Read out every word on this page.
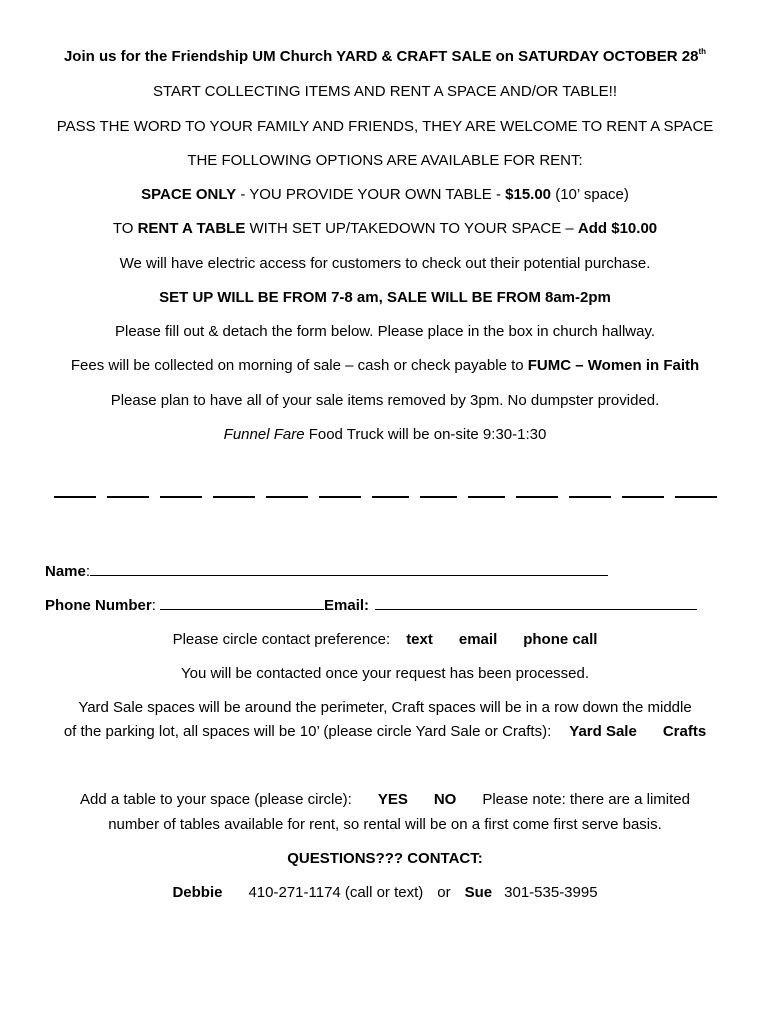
Join us for the Friendship UM Church YARD & CRAFT SALE on SATURDAY OCTOBER 28th
START COLLECTING ITEMS AND RENT A SPACE AND/OR TABLE!!
PASS THE WORD TO YOUR FAMILY AND FRIENDS, THEY ARE WELCOME TO RENT A SPACE
THE FOLLOWING OPTIONS ARE AVAILABLE FOR RENT:
SPACE ONLY - YOU PROVIDE YOUR OWN TABLE - $15.00 (10’ space)
TO RENT A TABLE WITH SET UP/TAKEDOWN TO YOUR SPACE – Add $10.00
We will have electric access for customers to check out their potential purchase.
SET UP WILL BE FROM 7-8 am, SALE WILL BE FROM 8am-2pm
Please fill out & detach the form below. Please place in the box in church hallway.
Fees will be collected on morning of sale – cash or check payable to FUMC – Women in Faith
Please plan to have all of your sale items removed by 3pm. No dumpster provided.
Funnel Fare Food Truck will be on-site 9:30-1:30
Name:
Phone Number:	Email:
Please circle contact preference: text email phone call
You will be contacted once your request has been processed.
Yard Sale spaces will be around the perimeter, Craft spaces will be in a row down the middle
of the parking lot, all spaces will be 10’ (please circle Yard Sale or Crafts): Yard Sale Crafts
Add a table to your space (please circle): YES NO Please note: there are a limited
number of tables available for rent, so rental will be on a first come first serve basis.
QUESTIONS??? CONTACT:
Debbie 410-271-1174 (call or text) or Sue 301-535-3995
